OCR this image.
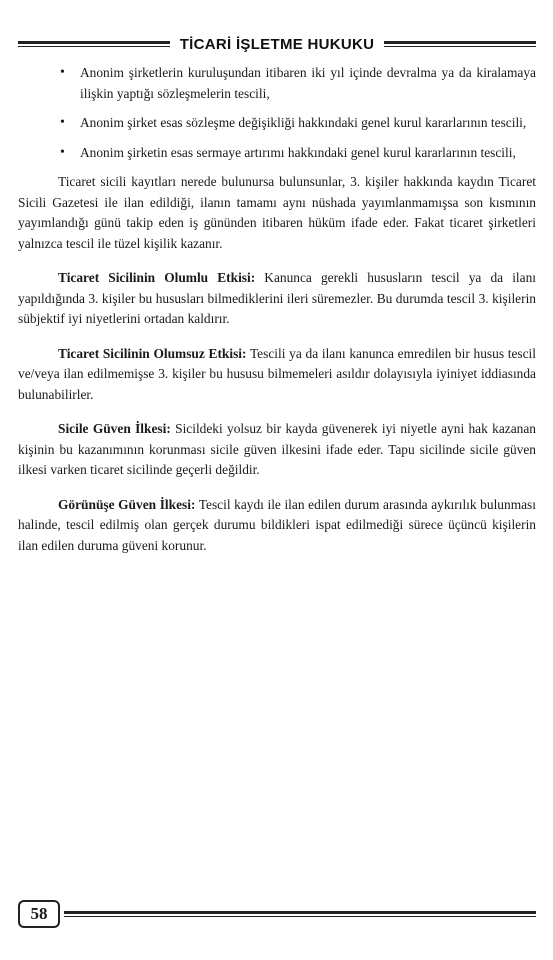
TİCARİ İŞLETME HUKUKU
• Anonim şirketlerin kuruluşundan itibaren iki yıl içinde devralma ya da kiralamaya ilişkin yaptığı sözleşmelerin tescili,
• Anonim şirket esas sözleşme değişikliği hakkındaki genel kurul kararlarının tescili,
• Anonim şirketin esas sermaye artırımı hakkındaki genel kurul kararlarının tescili,

Ticaret sicili kayıtları nerede bulunursa bulunsunlar, 3. kişiler hakkında kaydın Ticaret Sicili Gazetesi ile ilan edildiği, ilanın tamamı aynı nüshada yayımlanmamışsa son kısmının yayımlandığı günü takip eden iş gününden itibaren hüküm ifade eder. Fakat ticaret şirketleri yalnızca tescil ile tüzel kişilik kazanır.

Ticaret Sicilinin Olumlu Etkisi: Kanunca gerekli hususların tescil ya da ilanı yapıldığında 3. kişiler bu hususları bilmediklerini ileri süremezler. Bu durumda tescil 3. kişilerin sübjektif iyi niyetlerini ortadan kaldırır.

Ticaret Sicilinin Olumsuz Etkisi: Tescili ya da ilanı kanunca emredilen bir husus tescil ve/veya ilan edilmemişse 3. kişiler bu hususu bilmemeleri asıldır dolayısıyla iyiniyet iddiasında bulunabilirler.

Sicile Güven İlkesi: Sicildeki yolsuz bir kayda güvenerek iyi niyetle ayni hak kazanan kişinin bu kazanımının korunması sicile güven ilkesini ifade eder. Tapu sicilinde sicile güven ilkesi varken ticaret sicilinde geçerli değildir.

Görünüşe Güven İlkesi: Tescil kaydı ile ilan edilen durum arasında aykırılık bulunması halinde, tescil edilmiş olan gerçek durumu bildikleri ispat edilmediği sürece üçüncü kişilerin ilan edilen duruma güveni korunur.

58
